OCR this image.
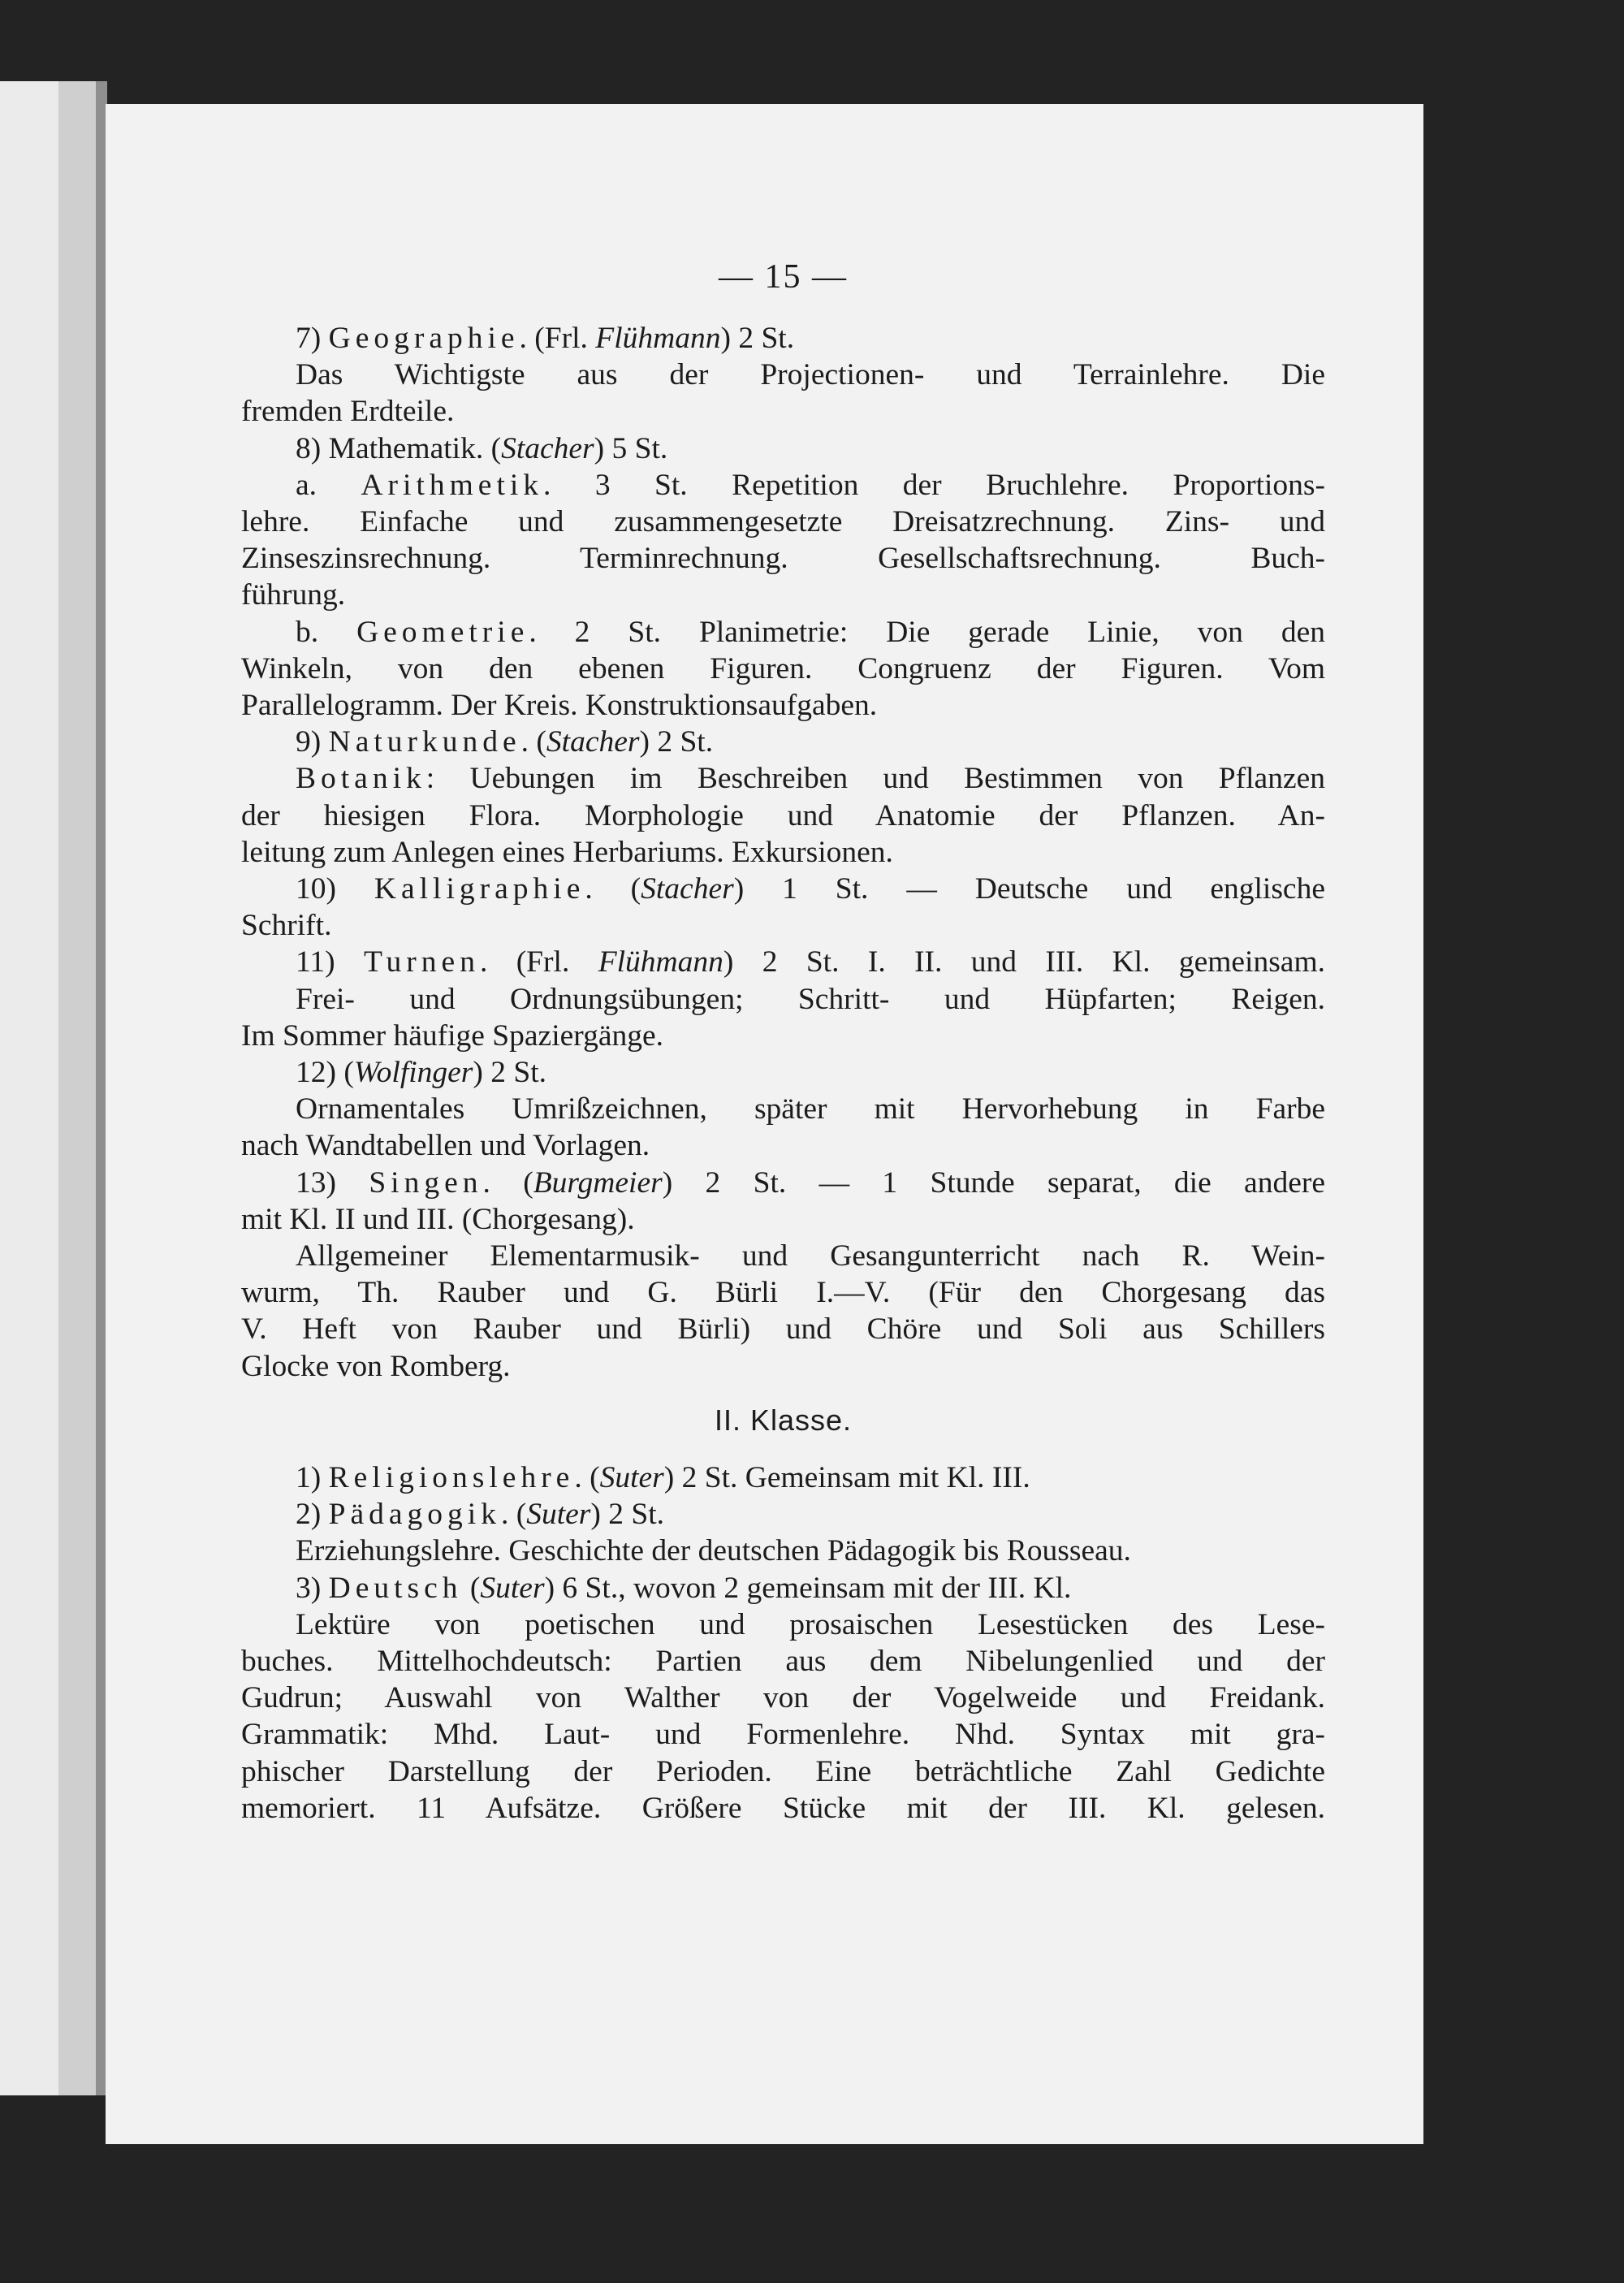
— 15 —
7) Geographie. (Frl. Flühmann) 2 St.
Das Wichtigste aus der Projectionen- und Terrainlehre. Die
fremden Erdteile.
8) Mathematik. (Stacher) 5 St.
a. Arithmetik. 3 St. Repetition der Bruchlehre. Proportions-
lehre. Einfache und zusammengesetzte Dreisatzrechnung. Zins- und
Zinseszinsrechnung. Terminrechnung. Gesellschaftsrechnung. Buch-
führung.
b. Geometrie. 2 St. Planimetrie: Die gerade Linie, von den
Winkeln, von den ebenen Figuren. Congruenz der Figuren. Vom
Parallelogramm. Der Kreis. Konstruktionsaufgaben.
9) Naturkunde. (Stacher) 2 St.
Botanik: Uebungen im Beschreiben und Bestimmen von Pflanzen
der hiesigen Flora. Morphologie und Anatomie der Pflanzen. An-
leitung zum Anlegen eines Herbariums. Exkursionen.
10) Kalligraphie. (Stacher) 1 St. — Deutsche und englische
Schrift.
11) Turnen. (Frl. Flühmann) 2 St. I. II. und III. Kl. gemeinsam.
Frei- und Ordnungsübungen; Schritt- und Hüpfarten; Reigen.
Im Sommer häufige Spaziergänge.
12) (Wolfinger) 2 St.
Ornamentales Umrißzeichnen, später mit Hervorhebung in Farbe
nach Wandtabellen und Vorlagen.
13) Singen. (Burgmeier) 2 St. — 1 Stunde separat, die andere
mit Kl. II und III. (Chorgesang).
Allgemeiner Elementarmusik- und Gesangunterricht nach R. Wein-
wurm, Th. Rauber und G. Bürli I.—V. (Für den Chorgesang das
V. Heft von Rauber und Bürli) und Chöre und Soli aus Schillers
Glocke von Romberg.
II. Klasse.
1) Religionslehre. (Suter) 2 St. Gemeinsam mit Kl. III.
2) Pädagogik. (Suter) 2 St.
Erziehungslehre. Geschichte der deutschen Pädagogik bis Rousseau.
3) Deutsch (Suter) 6 St., wovon 2 gemeinsam mit der III. Kl.
Lektüre von poetischen und prosaischen Lesestücken des Lese-
buches. Mittelhochdeutsch: Partien aus dem Nibelungenlied und der
Gudrun; Auswahl von Walther von der Vogelweide und Freidank.
Grammatik: Mhd. Laut- und Formenlehre. Nhd. Syntax mit gra-
phischer Darstellung der Perioden. Eine beträchtliche Zahl Gedichte
memoriert. 11 Aufsätze. Größere Stücke mit der III. Kl. gelesen.
